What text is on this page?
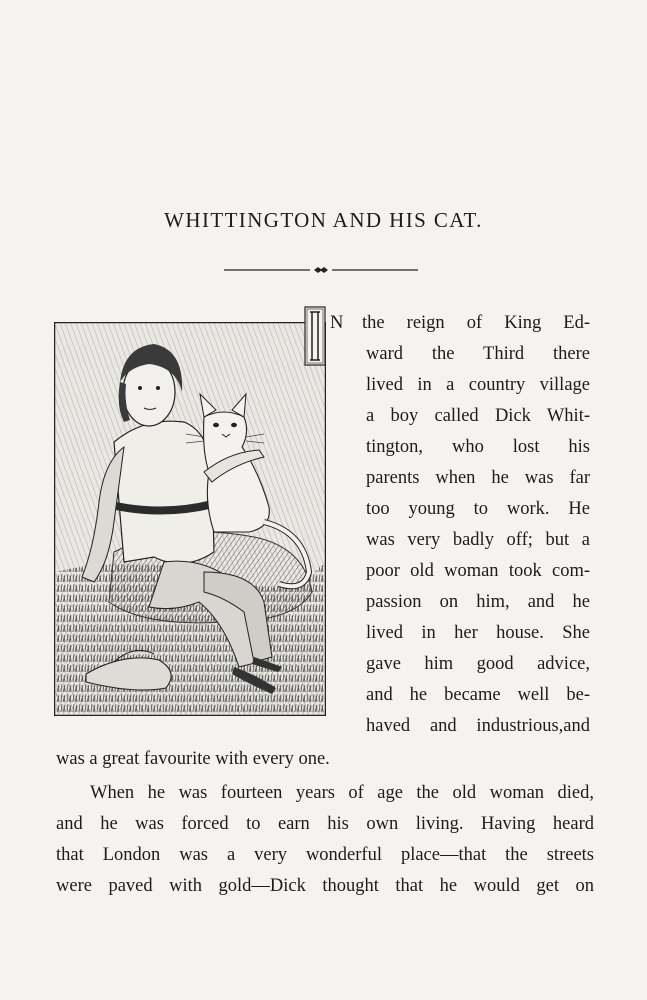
WHITTINGTON AND HIS CAT.
I
N the reign of King Ed-
ward the Third there
lived in a country village
a boy called Dick Whit-
tington, who lost his
parents when he was far
too young to work. He
was very badly off; but a
poor old woman took com-
passion on him, and he
lived in her house. She
gave him good advice,
and he became well be-
haved and industrious,and
was a great favourite with every one.
When he was fourteen years of age the old woman died,
and he was forced to earn his own living. Having heard
that London was a very wonderful place—that the streets
were paved with gold—Dick thought that he would get on
